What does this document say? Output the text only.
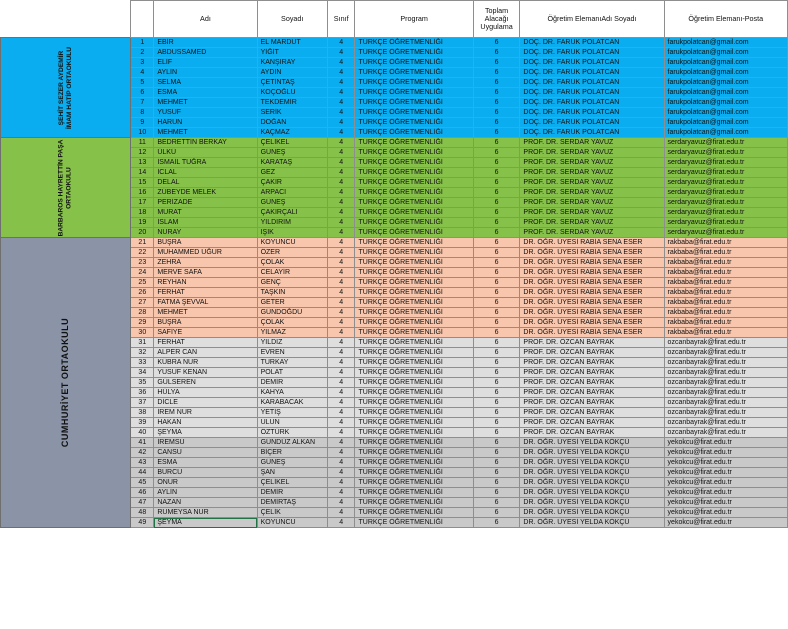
		Adı	Soyadı	Sınıf	Program	Toplam Alacağı Uygulama	Öğretim ElemanıAdı Soyadı	Öğretim Elemanı-Posta

ŞEHİT SEZER AYDEMİR İMAM HATİP ORTAOKULU	1	EBİR	EL MARDUT	4	TÜRKÇE ÖĞRETMENLİĞİ	6	DOÇ. DR. FARUK POLATCAN	farukpolatcan@gmail.com
	2	ABDUSSAMED	YİĞİT	4	TÜRKÇE ÖĞRETMENLİĞİ	6	DOÇ. DR. FARUK POLATCAN	farukpolatcan@gmail.com
	3	ELİF	KANŞIRAY	4	TÜRKÇE ÖĞRETMENLİĞİ	6	DOÇ. DR. FARUK POLATCAN	farukpolatcan@gmail.com
	4	AYLİN	AYDIN	4	TÜRKÇE ÖĞRETMENLİĞİ	6	DOÇ. DR. FARUK POLATCAN	farukpolatcan@gmail.com
	5	SELMA	ÇETİNTAŞ	4	TÜRKÇE ÖĞRETMENLİĞİ	6	DOÇ. DR. FARUK POLATCAN	farukpolatcan@gmail.com
	6	ESMA	KOÇOĞLU	4	TÜRKÇE ÖĞRETMENLİĞİ	6	DOÇ. DR. FARUK POLATCAN	farukpolatcan@gmail.com
	7	MEHMET	TEKDEMİR	4	TÜRKÇE ÖĞRETMENLİĞİ	6	DOÇ. DR. FARUK POLATCAN	farukpolatcan@gmail.com
	8	YUSUF	SERİK	4	TÜRKÇE ÖĞRETMENLİĞİ	6	DOÇ. DR. FARUK POLATCAN	farukpolatcan@gmail.com
	9	HARUN	DOĞAN	4	TÜRKÇE ÖĞRETMENLİĞİ	6	DOÇ. DR. FARUK POLATCAN	farukpolatcan@gmail.com
	10	MEHMET	KAÇMAZ	4	TÜRKÇE ÖĞRETMENLİĞİ	6	DOÇ. DR. FARUK POLATCAN	farukpolatcan@gmail.com

BARBAROS HAYRETTİN PAŞA ORTAOKULU	11	BEDRETTİN BERKAY	ÇELİKEL	4	TÜRKÇE ÖĞRETMENLİĞİ	6	PROF. DR. SERDAR YAVUZ	serdaryavuz@firat.edu.tr
	12	ÜLKÜ	GÜNEŞ	4	TÜRKÇE ÖĞRETMENLİĞİ	6	PROF. DR. SERDAR YAVUZ	serdaryavuz@firat.edu.tr
	13	İSMAİL TUĞRA	KARATAŞ	4	TÜRKÇE ÖĞRETMENLİĞİ	6	PROF. DR. SERDAR YAVUZ	serdaryavuz@firat.edu.tr
	14	İCLAL	GEZ	4	TÜRKÇE ÖĞRETMENLİĞİ	6	PROF. DR. SERDAR YAVUZ	serdaryavuz@firat.edu.tr
	15	DELAL	ÇAKIR	4	TÜRKÇE ÖĞRETMENLİĞİ	6	PROF. DR. SERDAR YAVUZ	serdaryavuz@firat.edu.tr
	16	ZÜBEYDE MELEK	ARPACI	4	TÜRKÇE ÖĞRETMENLİĞİ	6	PROF. DR. SERDAR YAVUZ	serdaryavuz@firat.edu.tr
	17	PERİZADE	GÜNEŞ	4	TÜRKÇE ÖĞRETMENLİĞİ	6	PROF. DR. SERDAR YAVUZ	serdaryavuz@firat.edu.tr
	18	MURAT	ÇAKIRÇALI	4	TÜRKÇE ÖĞRETMENLİĞİ	6	PROF. DR. SERDAR YAVUZ	serdaryavuz@firat.edu.tr
	19	İSLAM	YILDIRIM	4	TÜRKÇE ÖĞRETMENLİĞİ	6	PROF. DR. SERDAR YAVUZ	serdaryavuz@firat.edu.tr
	20	NURAY	IŞIK	4	TÜRKÇE ÖĞRETMENLİĞİ	6	PROF. DR. SERDAR YAVUZ	serdaryavuz@firat.edu.tr

CUMHURİYET ORTAOKULU	21	BÜŞRA	KOYUNCU	4	TÜRKÇE ÖĞRETMENLİĞİ	6	DR. ÖĞR. ÜYESİ RABİA SENA ESER	rakbaba@firat.edu.tr
	22	MUHAMMED UĞUR	ÖZER	4	TÜRKÇE ÖĞRETMENLİĞİ	6	DR. ÖĞR. ÜYESİ RABİA SENA ESER	rakbaba@firat.edu.tr
	23	ZEHRA	ÇOLAK	4	TÜRKÇE ÖĞRETMENLİĞİ	6	DR. ÖĞR. ÜYESİ RABİA SENA ESER	rakbaba@firat.edu.tr
	24	MERVE SAFA	CELAYİR	4	TÜRKÇE ÖĞRETMENLİĞİ	6	DR. ÖĞR. ÜYESİ RABİA SENA ESER	rakbaba@firat.edu.tr
	25	REYHAN	GENÇ	4	TÜRKÇE ÖĞRETMENLİĞİ	6	DR. ÖĞR. ÜYESİ RABİA SENA ESER	rakbaba@firat.edu.tr
	26	FERHAT	TAŞKIN	4	TÜRKÇE ÖĞRETMENLİĞİ	6	DR. ÖĞR. ÜYESİ RABİA SENA ESER	rakbaba@firat.edu.tr
	27	FATMA ŞEVVAL	GETER	4	TÜRKÇE ÖĞRETMENLİĞİ	6	DR. ÖĞR. ÜYESİ RABİA SENA ESER	rakbaba@firat.edu.tr
	28	MEHMET	GÜNDOĞDU	4	TÜRKÇE ÖĞRETMENLİĞİ	6	DR. ÖĞR. ÜYESİ RABİA SENA ESER	rakbaba@firat.edu.tr
	29	BÜŞRA	ÇOLAK	4	TÜRKÇE ÖĞRETMENLİĞİ	6	DR. ÖĞR. ÜYESİ RABİA SENA ESER	rakbaba@firat.edu.tr
	30	SAFİYE	YILMAZ	4	TÜRKÇE ÖĞRETMENLİĞİ	6	DR. ÖĞR. ÜYESİ RABİA SENA ESER	rakbaba@firat.edu.tr
	31	FERHAT	YILDIZ	4	TÜRKÇE ÖĞRETMENLİĞİ	6	PROF. DR. ÖZCAN BAYRAK	ozcanbayrak@firat.edu.tr
	32	ALPER CAN	EVREN	4	TÜRKÇE ÖĞRETMENLİĞİ	6	PROF. DR. ÖZCAN BAYRAK	ozcanbayrak@firat.edu.tr
	33	KÜBRA NUR	TURKAY	4	TÜRKÇE ÖĞRETMENLİĞİ	6	PROF. DR. ÖZCAN BAYRAK	ozcanbayrak@firat.edu.tr
	34	YUSUF KENAN	POLAT	4	TÜRKÇE ÖĞRETMENLİĞİ	6	PROF. DR. ÖZCAN BAYRAK	ozcanbayrak@firat.edu.tr
	35	GÜLSEREN	DEMİR	4	TÜRKÇE ÖĞRETMENLİĞİ	6	PROF. DR. ÖZCAN BAYRAK	ozcanbayrak@firat.edu.tr
	36	HÜLYA	KAHYA	4	TÜRKÇE ÖĞRETMENLİĞİ	6	PROF. DR. ÖZCAN BAYRAK	ozcanbayrak@firat.edu.tr
	37	DİCLE	KARABACAK	4	TÜRKÇE ÖĞRETMENLİĞİ	6	PROF. DR. ÖZCAN BAYRAK	ozcanbayrak@firat.edu.tr
	38	İREM NUR	YETİŞ	4	TÜRKÇE ÖĞRETMENLİĞİ	6	PROF. DR. ÖZCAN BAYRAK	ozcanbayrak@firat.edu.tr
	39	HAKAN	ULUN	4	TÜRKÇE ÖĞRETMENLİĞİ	6	PROF. DR. ÖZCAN BAYRAK	ozcanbayrak@firat.edu.tr
	40	ŞEYMA	ÖZTÜRK	4	TÜRKÇE ÖĞRETMENLİĞİ	6	PROF. DR. ÖZCAN BAYRAK	ozcanbayrak@firat.edu.tr
	41	İREMSU	GÜNDÜZ ALKAN	4	TÜRKÇE ÖĞRETMENLİĞİ	6	DR. ÖĞR. ÜYESİ YELDA KÖKÇÜ	yekokcu@firat.edu.tr
	42	CANSU	BİÇER	4	TÜRKÇE ÖĞRETMENLİĞİ	6	DR. ÖĞR. ÜYESİ YELDA KÖKÇÜ	yekokcu@firat.edu.tr
	43	ESMA	GÜNEŞ	4	TÜRKÇE ÖĞRETMENLİĞİ	6	DR. ÖĞR. ÜYESİ YELDA KÖKÇÜ	yekokcu@firat.edu.tr
	44	BURCU	ŞAN	4	TÜRKÇE ÖĞRETMENLİĞİ	6	DR. ÖĞR. ÜYESİ YELDA KÖKÇÜ	yekokcu@firat.edu.tr
	45	ONUR	ÇELİKEL	4	TÜRKÇE ÖĞRETMENLİĞİ	6	DR. ÖĞR. ÜYESİ YELDA KÖKÇÜ	yekokcu@firat.edu.tr
	46	AYLİN	DEMİR	4	TÜRKÇE ÖĞRETMENLİĞİ	6	DR. ÖĞR. ÜYESİ YELDA KÖKÇÜ	yekokcu@firat.edu.tr
	47	NAZAN	DEMİRTAŞ	4	TÜRKÇE ÖĞRETMENLİĞİ	6	DR. ÖĞR. ÜYESİ YELDA KÖKÇÜ	yekokcu@firat.edu.tr
	48	RUMEYSA NUR	ÇELİK	4	TÜRKÇE ÖĞRETMENLİĞİ	6	DR. ÖĞR. ÜYESİ YELDA KÖKÇÜ	yekokcu@firat.edu.tr
	49	ŞEYMA	KOYUNCU	4	TÜRKÇE ÖĞRETMENLİĞİ	6	DR. ÖĞR. ÜYESİ YELDA KÖKÇÜ	yekokcu@firat.edu.tr
